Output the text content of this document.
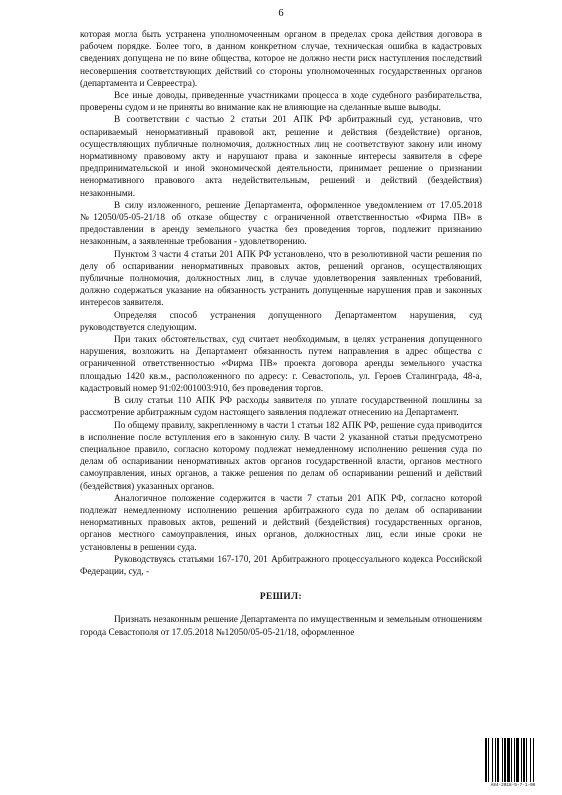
6

которая могла быть устранена уполномоченным органом в пределах срока действия договора в рабочем порядке. Более того, в данном конкретном случае, техническая ошибка в кадастровых сведениях допущена не по вине общества, которое не должно нести риск наступления последствий несовершения соответствующих действий со стороны уполномоченных государственных органов (департамента и Севреестра).

Все иные доводы, приведенные участниками процесса в ходе судебного разбирательства, проверены судом и не приняты во внимание как не влияющие на сделанные выше выводы.

В соответствии с частью 2 статьи 201 АПК РФ арбитражный суд, установив, что оспариваемый ненормативный правовой акт, решение и действия (бездействие) органов, осуществляющих публичные полномочия, должностных лиц не соответствуют закону или иному нормативному правовому акту и нарушают права и законные интересы заявителя в сфере предпринимательской и иной экономической деятельности, принимает решение о признании ненормативного правового акта недействительным, решений и действий (бездействия) незаконными.

В силу изложенного, решение Департамента, оформленное уведомлением от 17.05.2018 №12050/05-05-21/18 об отказе обществу с ограниченной ответственностью «Фирма ПВ» в предоставлении в аренду земельного участка без проведения торгов, подлежит признанию незаконным, а заявленные требования - удовлетворению.

Пунктом 3 части 4 статьи 201 АПК РФ установлено, что в резолютивной части решения по делу об оспаривании ненормативных правовых актов, решений органов, осуществляющих публичные полномочия, должностных лиц, в случае удовлетворения заявленных требований, должно содержаться указание на обязанность устранить допущенные нарушения прав и законных интересов заявителя.

Определяя способ устранения допущенного Департаментом нарушения, суд руководствуется следующим.

При таких обстоятельствах, суд считает необходимым, в целях устранения допущенного нарушения, возложить на Департамент обязанность путем направления в адрес общества с ограниченной ответственностью «Фирма ПВ» проекта договора аренды земельного участка площадью 1420 кв.м., расположенного по адресу: г. Севастополь, ул. Героев Сталинграда, 48-а, кадастровый номер 91:02:001003:910, без проведения торгов.

В силу статьи 110 АПК РФ расходы заявителя по уплате государственной пошлины за рассмотрение арбитражным судом настоящего заявления подлежат отнесению на Департамент.

По общему правилу, закрепленному в части 1 статьи 182 АПК РФ, решение суда приводится в исполнение после вступления его в законную силу. В части 2 указанной статьи предусмотрено специальное правило, согласно которому подлежат немедленному исполнению решения суда по делам об оспаривании ненормативных актов органов государственной власти, органов местного самоуправления, иных органов, а также решения по делам об оспаривании решений и действий (бездействия) указанных органов.

Аналогичное положение содержится в части 7 статьи 201 АПК РФ, согласно которой подлежат немедленному исполнению решения арбитражного суда по делам об оспаривании ненормативных правовых актов, решений и действий (бездействия) государственных органов, органов местного самоуправления, иных органов, должностных лиц, если иные сроки не установлены в решении суда.

Руководствуясь статьями 167-170, 201 Арбитражного процессуального кодекса Российской Федерации, суд, -

РЕШИЛ:

Признать незаконным решение Департамента по имущественным и земельным отношениям города Севастополя от 17.05.2018 №12050/05-05-21/18, оформленное

A84-2018-5-7-1-06
